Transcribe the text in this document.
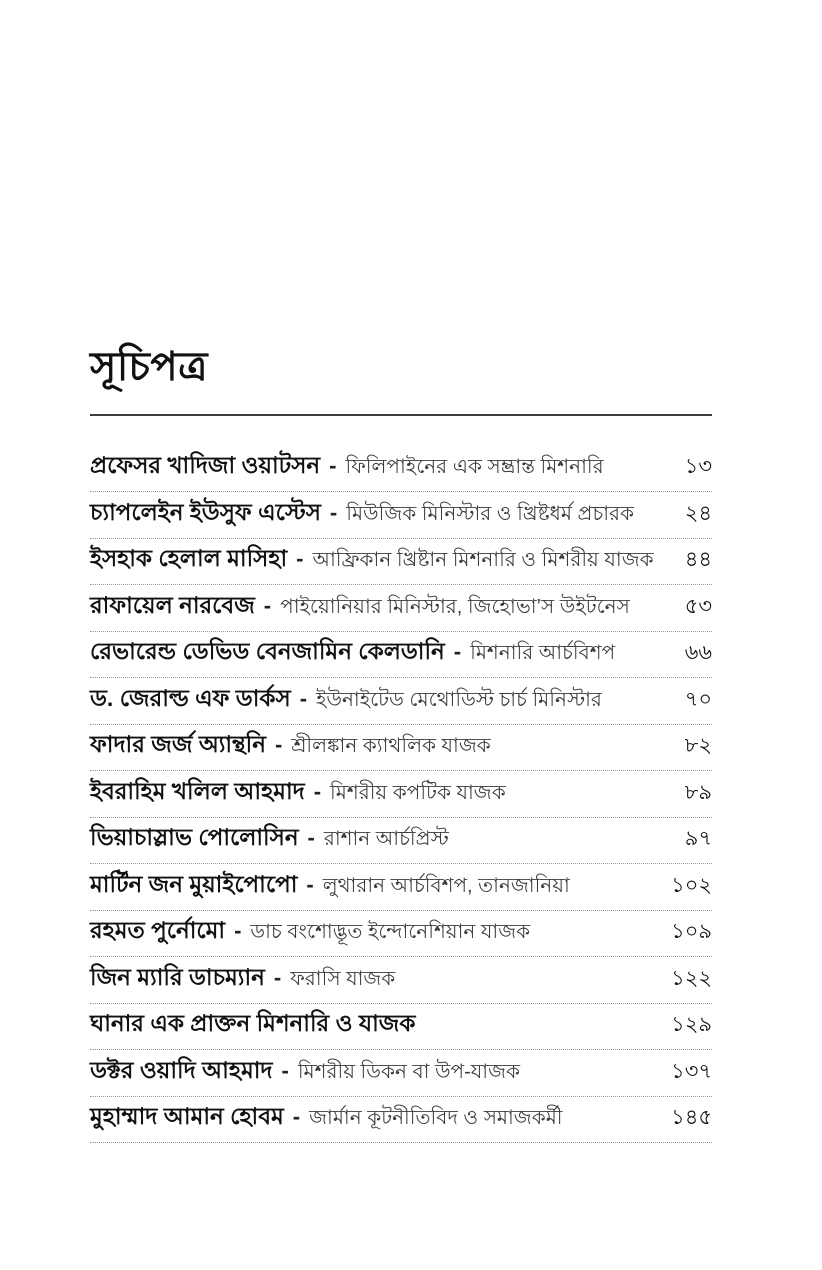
সূচিপত্র
প্রফেসর খাদিজা ওয়াটসন - ফিলিপাইনের এক সম্ভ্রান্ত মিশনারি	১৩
চ্যাপলেইন ইউসুফ এস্টেস - মিউজিক মিনিস্টার ও খ্রিষ্টধর্ম প্রচারক	২৪
ইসহাক হেলাল মাসিহা - আফ্রিকান খ্রিষ্টান মিশনারি ও মিশরীয় যাজক	৪৪
রাফায়েল নারবেজ - পাইয়োনিয়ার মিনিস্টার, জিহোভা’স উইটনেস	৫৩
রেভারেন্ড ডেভিড বেনজামিন কেলডানি - মিশনারি আর্চবিশপ	৬৬
ড. জেরাল্ড এফ ডার্কস - ইউনাইটেড মেথোডিস্ট চার্চ মিনিস্টার	৭০
ফাদার জর্জ অ্যান্থনি - শ্রীলঙ্কান ক্যাথলিক যাজক	৮২
ইবরাহিম খলিল আহমাদ - মিশরীয় কপটিক যাজক	৮৯
ভিয়াচাস্লাভ পোলোসিন - রাশান আর্চপ্রিস্ট	৯৭
মার্টিন জন মুয়াইপোপো - লুথারান আর্চবিশপ, তানজানিয়া	১০২
রহমত পুর্নোমো - ডাচ বংশোদ্ভূত ইন্দোনেশিয়ান যাজক	১০৯
জিন ম্যারি ডাচম্যান - ফরাসি যাজক	১২২
ঘানার এক প্রাক্তন মিশনারি ও যাজক	১২৯
ডক্টর ওয়াদি আহমাদ - মিশরীয় ডিকন বা উপ-যাজক	১৩৭
মুহাম্মাদ আমান হোবম - জার্মান কূটনীতিবিদ ও সমাজকর্মী	১৪৫
